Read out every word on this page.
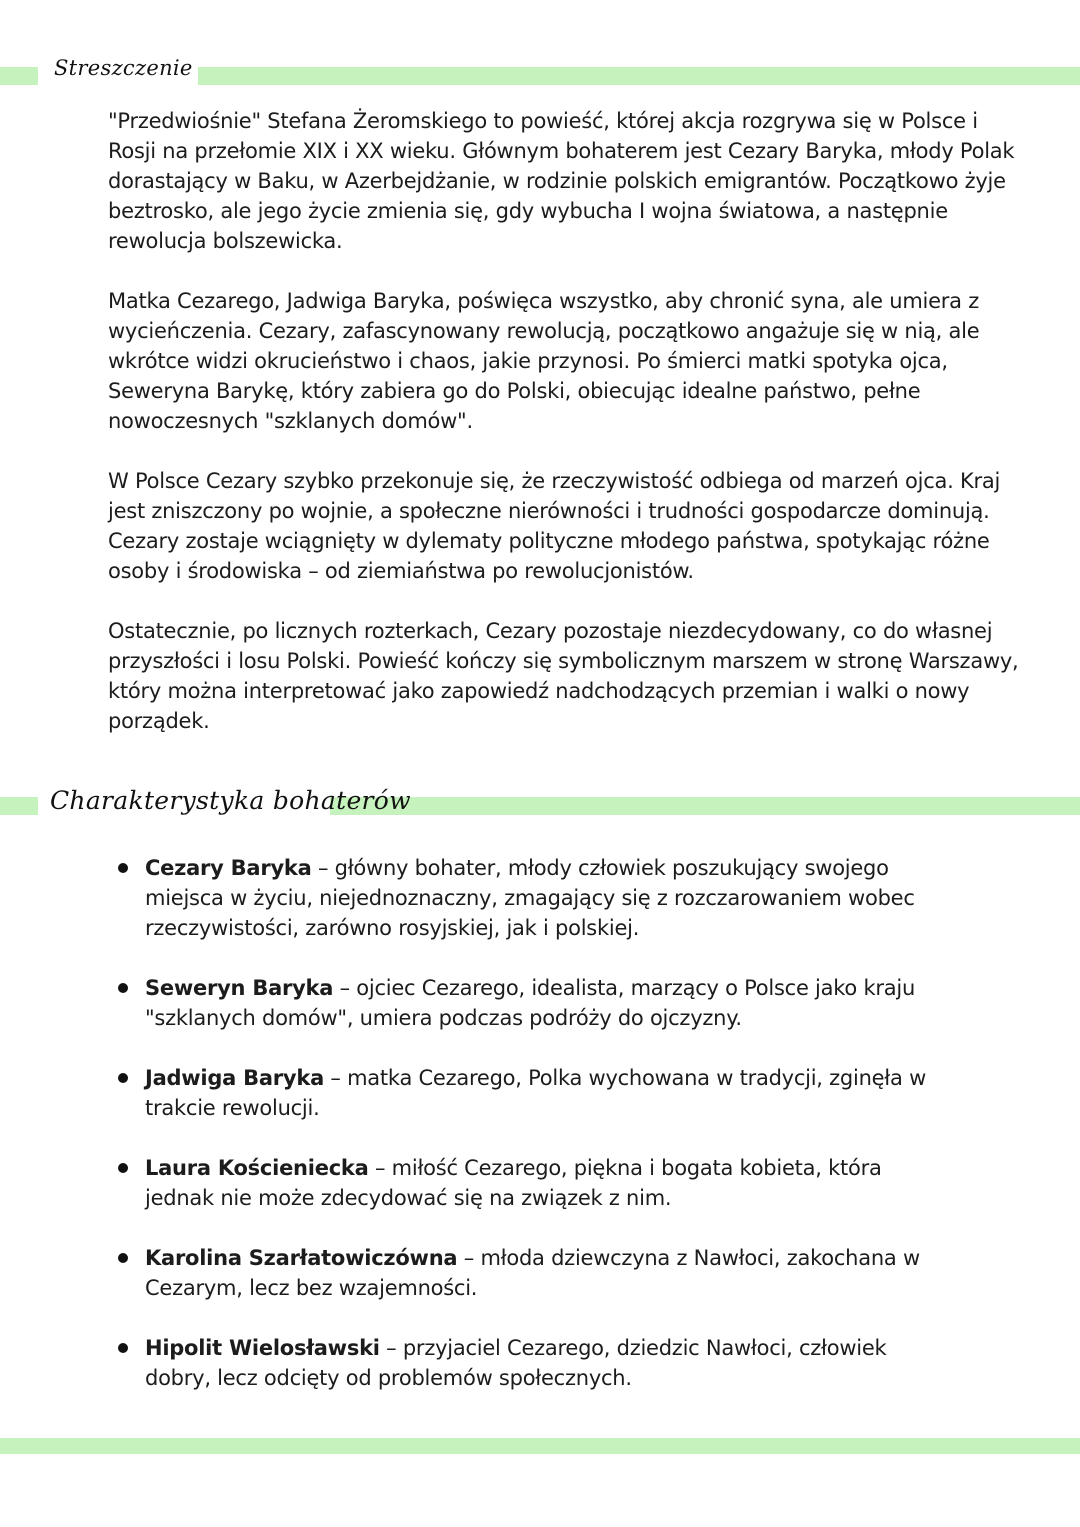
Streszczenie

"Przedwiośnie" Stefana Żeromskiego to powieść, której akcja rozgrywa się w Polsce i Rosji na przełomie XIX i XX wieku. Głównym bohaterem jest Cezary Baryka, młody Polak dorastający w Baku, w Azerbejdżanie, w rodzinie polskich emigrantów. Początkowo żyje beztrosko, ale jego życie zmienia się, gdy wybucha I wojna światowa, a następnie rewolucja bolszewicka.

Matka Cezarego, Jadwiga Baryka, poświęca wszystko, aby chronić syna, ale umiera z wycieńczenia. Cezary, zafascynowany rewolucją, początkowo angażuje się w nią, ale wkrótce widzi okrucieństwo i chaos, jakie przynosi. Po śmierci matki spotyka ojca, Seweryna Barykę, który zabiera go do Polski, obiecując idealne państwo, pełne nowoczesnych "szklanych domów".

W Polsce Cezary szybko przekonuje się, że rzeczywistość odbiega od marzeń ojca. Kraj jest zniszczony po wojnie, a społeczne nierówności i trudności gospodarcze dominują. Cezary zostaje wciągnięty w dylematy polityczne młodego państwa, spotykając różne osoby i środowiska – od ziemiaństwa po rewolucjonistów.

Ostatecznie, po licznych rozterkach, Cezary pozostaje niezdecydowany, co do własnej przyszłości i losu Polski. Powieść kończy się symbolicznym marszem w stronę Warszawy, który można interpretować jako zapowiedź nadchodzących przemian i walki o nowy porządek.

Charakterystyka bohaterów
Cezary Baryka – główny bohater, młody człowiek poszukujący swojego miejsca w życiu, niejednoznaczny, zmagający się z rozczarowaniem wobec rzeczywistości, zarówno rosyjskiej, jak i polskiej.
Seweryn Baryka – ojciec Cezarego, idealista, marzący o Polsce jako kraju "szklanych domów", umiera podczas podróży do ojczyzny.
Jadwiga Baryka – matka Cezarego, Polka wychowana w tradycji, zginęła w trakcie rewolucji.
Laura Kościeniecka – miłość Cezarego, piękna i bogata kobieta, która jednak nie może zdecydować się na związek z nim.
Karolina Szarłatowiczówna – młoda dziewczyna z Nawłoci, zakochana w Cezarym, lecz bez wzajemności.
Hipolit Wielosławski – przyjaciel Cezarego, dziedzic Nawłoci, człowiek dobry, lecz odcięty od problemów społecznych.
